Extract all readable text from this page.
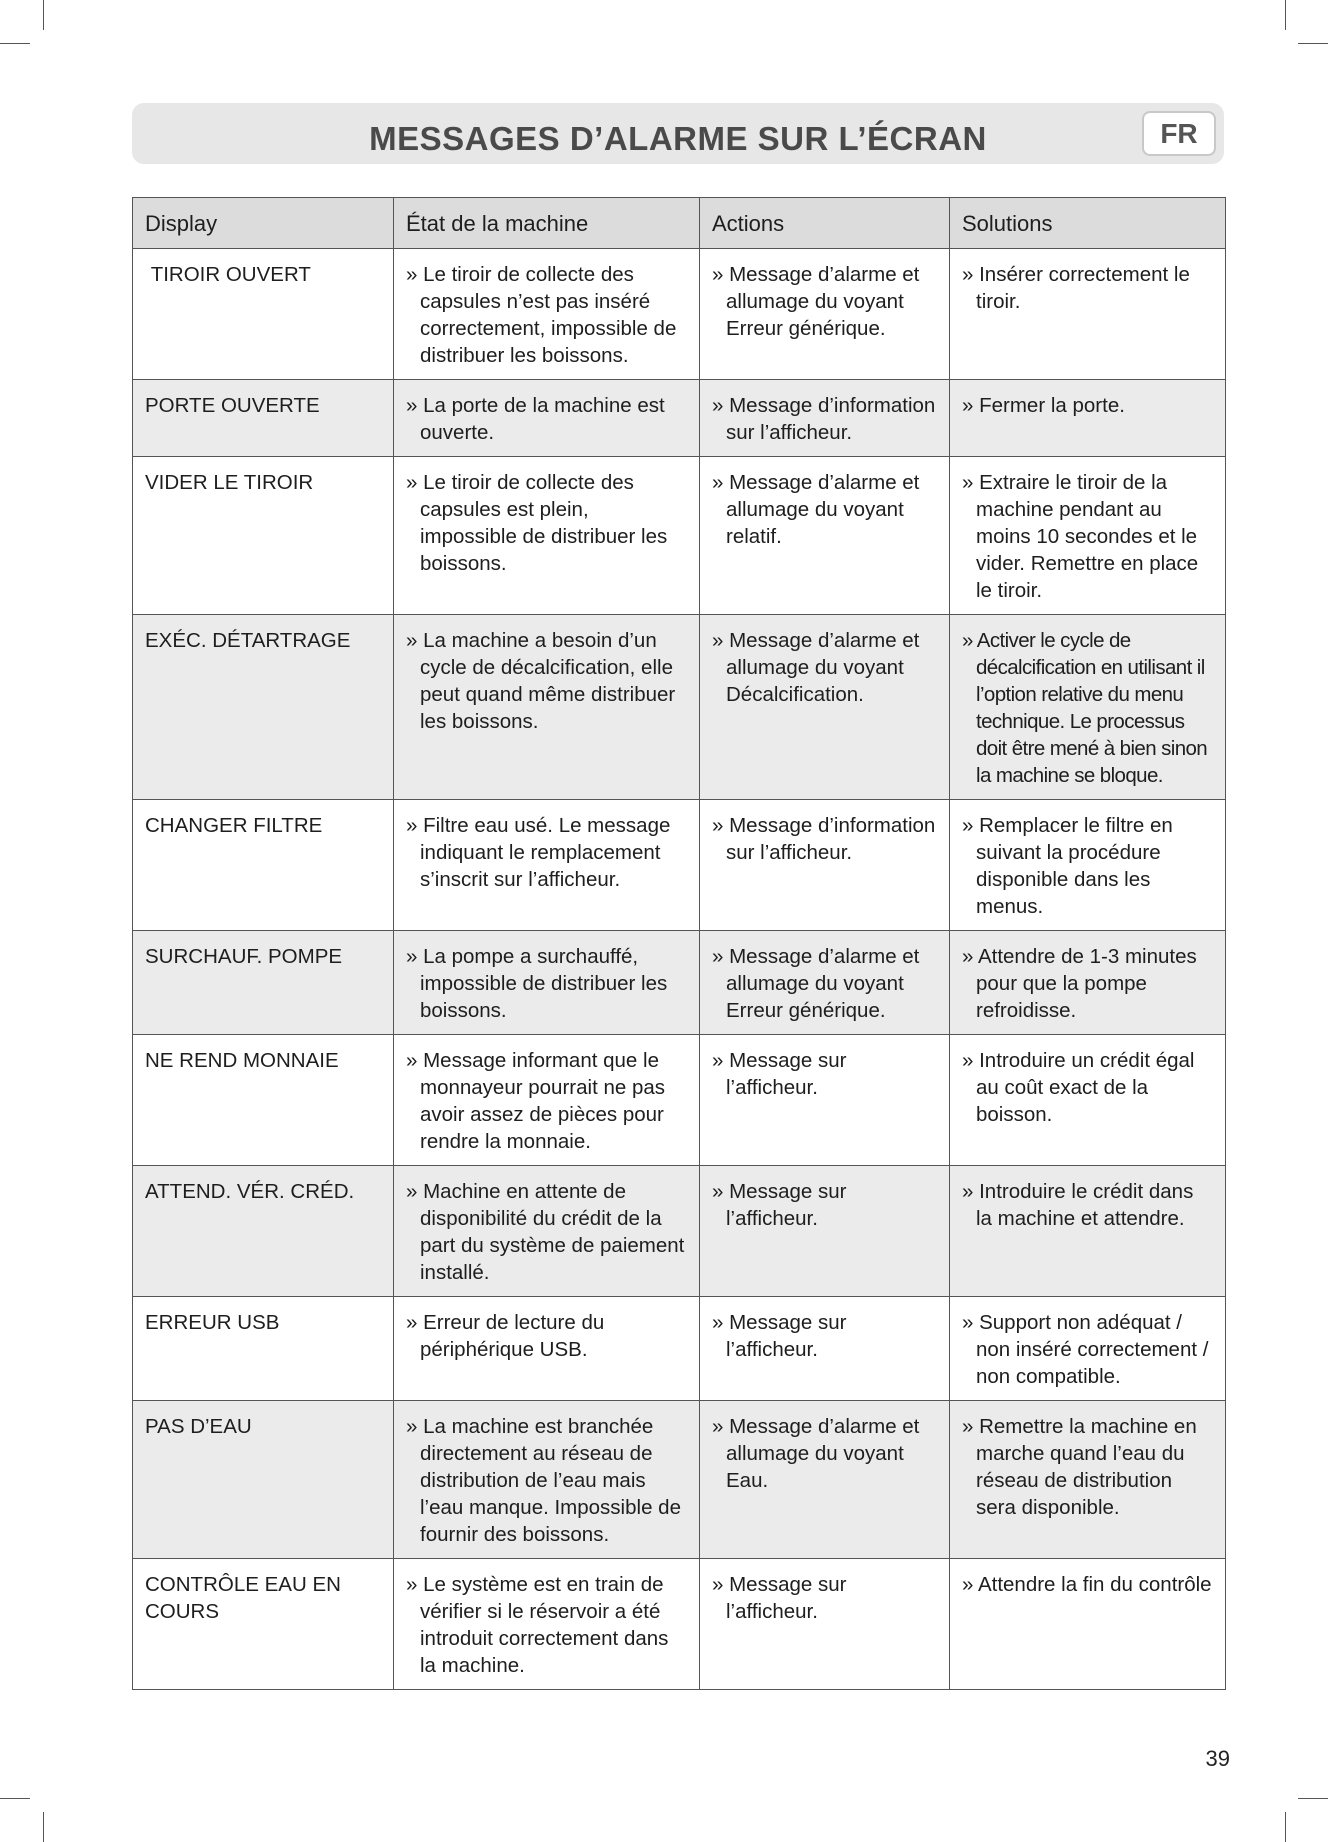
MESSAGES D’ALARME SUR L’ÉCRAN	FR
Display	État de la machine	Actions	Solutions
TIROIR OUVERT	» Le tiroir de collecte des capsules n’est pas inséré correctement, impossible de distribuer les boissons.	» Message d’alarme et allumage du voyant Erreur générique.	» Insérer correctement le tiroir.

PORTE OUVERTE	» La porte de la machine est ouverte.	» Message d’information sur l’afficheur.	» Fermer la porte.

VIDER LE TIROIR	» Le tiroir de collecte des capsules est plein, impossible de distribuer les boissons.	» Message d’alarme et allumage du voyant relatif.	» Extraire le tiroir de la machine pendant au moins 10 secondes et le vider. Remettre en place le tiroir.

EXÉC. DÉTARTRAGE	» La machine a besoin d’un cycle de décalcification, elle peut quand même distribuer les boissons.	» Message d’alarme et allumage du voyant Décalcification.	» Activer le cycle de décalcification en utilisant il l’option relative du menu technique. Le processus doit être mené à bien sinon la machine se bloque.

CHANGER FILTRE	» Filtre eau usé. Le message indiquant le remplacement s’inscrit sur l’afficheur.	» Message d’information sur l’afficheur.	» Remplacer le filtre en suivant la procédure disponible dans les menus.

SURCHAUF. POMPE	» La pompe a surchauffé, impossible de distribuer les boissons.	» Message d’alarme et allumage du voyant Erreur générique.	» Attendre de 1-3 minutes pour que la pompe refroidisse.

NE REND MONNAIE	» Message informant que le monnayeur pourrait ne pas avoir assez de pièces pour rendre la monnaie.	» Message sur l’afficheur.	» Introduire un crédit égal au coût exact de la boisson.

ATTEND. VÉR. CRÉD.	» Machine en attente de disponibilité du crédit de la part du système de paiement installé.	» Message sur l’afficheur.	» Introduire le crédit dans la machine et attendre.

ERREUR USB	» Erreur de lecture du périphérique USB.	» Message sur l’afficheur.	» Support non adéquat / non inséré correctement / non compatible.

PAS D’EAU	» La machine est branchée directement au réseau de distribution de l’eau mais l’eau manque. Impossible de fournir des boissons.	» Message d’alarme et allumage du voyant Eau.	» Remettre la machine en marche quand l’eau du réseau de distribution sera disponible.

CONTRÔLE EAU EN COURS	» Le système est en train de vérifier si le réservoir a été introduit correctement dans la machine.	» Message sur l’afficheur.	» Attendre la fin du contrôle
39
